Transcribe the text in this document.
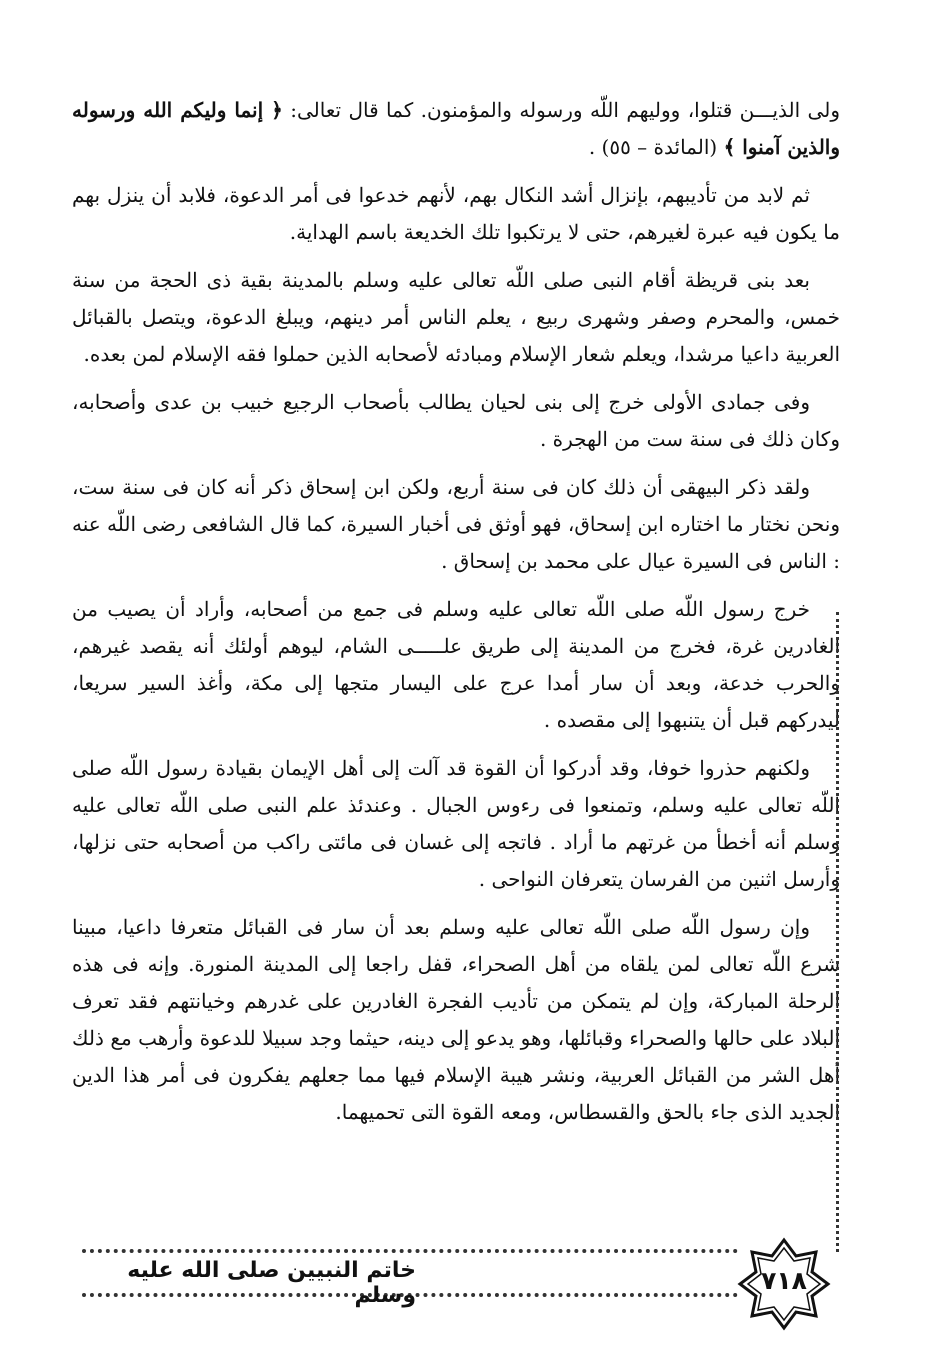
ولى الذيـــن قتلوا، ووليهم اللّه ورسوله والمؤمنون. كما قال تعالى: ﴿ إنما وليكم الله ورسوله والذين آمنوا ﴾ (المائدة – ٥٥) .

ثم لابد من تأديبهم، بإنزال أشد النكال بهم، لأنهم خدعوا فى أمر الدعوة، فلابد أن ينزل بهم ما يكون فيه عبرة لغيرهم، حتى لا يرتكبوا تلك الخديعة باسم الهداية.

بعد بنى قريظة أقام النبى صلى اللّه تعالى عليه وسلم بالمدينة بقية ذى الحجة من سنة خمس، والمحرم وصفر وشهرى ربيع ، يعلم الناس أمر دينهم، ويبلغ الدعوة، ويتصل بالقبائل العربية داعيا مرشدا، ويعلم شعار الإسلام ومبادئه لأصحابه الذين حملوا فقه الإسلام لمن بعده.

وفى جمادى الأولى خرج إلى بنى لحيان يطالب بأصحاب الرجيع خبيب بن عدى وأصحابه، وكان ذلك فى سنة ست من الهجرة .

ولقد ذكر البيهقى أن ذلك كان فى سنة أربع، ولكن ابن إسحاق ذكر أنه كان فى سنة ست، ونحن نختار ما اختاره ابن إسحاق، فهو أوثق فى أخبار السيرة، كما قال الشافعى رضى اللّه عنه : الناس فى السيرة عيال على محمد بن إسحاق .

خرج رسول اللّه صلى اللّه تعالى عليه وسلم فى جمع من أصحابه، وأراد أن يصيب من الغادرين غرة، فخرج من المدينة إلى طريق علـــــى الشام، ليوهم أولئك أنه يقصد غيرهم، والحرب خدعة، وبعد أن سار أمدا عرج على اليسار متجها إلى مكة، وأغذ السير سريعا، ليدركهم قبل أن يتنبهوا إلى مقصده .

ولكنهم حذروا خوفا، وقد أدركوا أن القوة قد آلت إلى أهل الإيمان بقيادة رسول اللّه صلى اللّه تعالى عليه وسلم، وتمنعوا فى رءوس الجبال . وعندئذ علم النبى صلى اللّه تعالى عليه وسلم أنه أخطأ من غرتهم ما أراد . فاتجه إلى غسان فى مائتى راكب من أصحابه حتى نزلها، وأرسل اثنين من الفرسان يتعرفان النواحى .

وإن رسول اللّه صلى اللّه تعالى عليه وسلم بعد أن سار فى القبائل متعرفا داعيا، مبينا شرع اللّه تعالى لمن يلقاه من أهل الصحراء، قفل راجعا إلى المدينة المنورة. وإنه فى هذه الرحلة المباركة، وإن لم يتمكن من تأديب الفجرة الغادرين على غدرهم وخيانتهم فقد تعرف البلاد على حالها والصحراء وقبائلها، وهو يدعو إلى دينه، حيثما وجد سبيلا للدعوة وأرهب مع ذلك أهل الشر من القبائل العربية، ونشر هيبة الإسلام فيها مما جعلهم يفكرون فى أمر هذا الدين الجديد الذى جاء بالحق والقسطاس، ومعه القوة التى تحميهما.

خاتم النبيين صلى الله عليه وسلم
٧١٨
